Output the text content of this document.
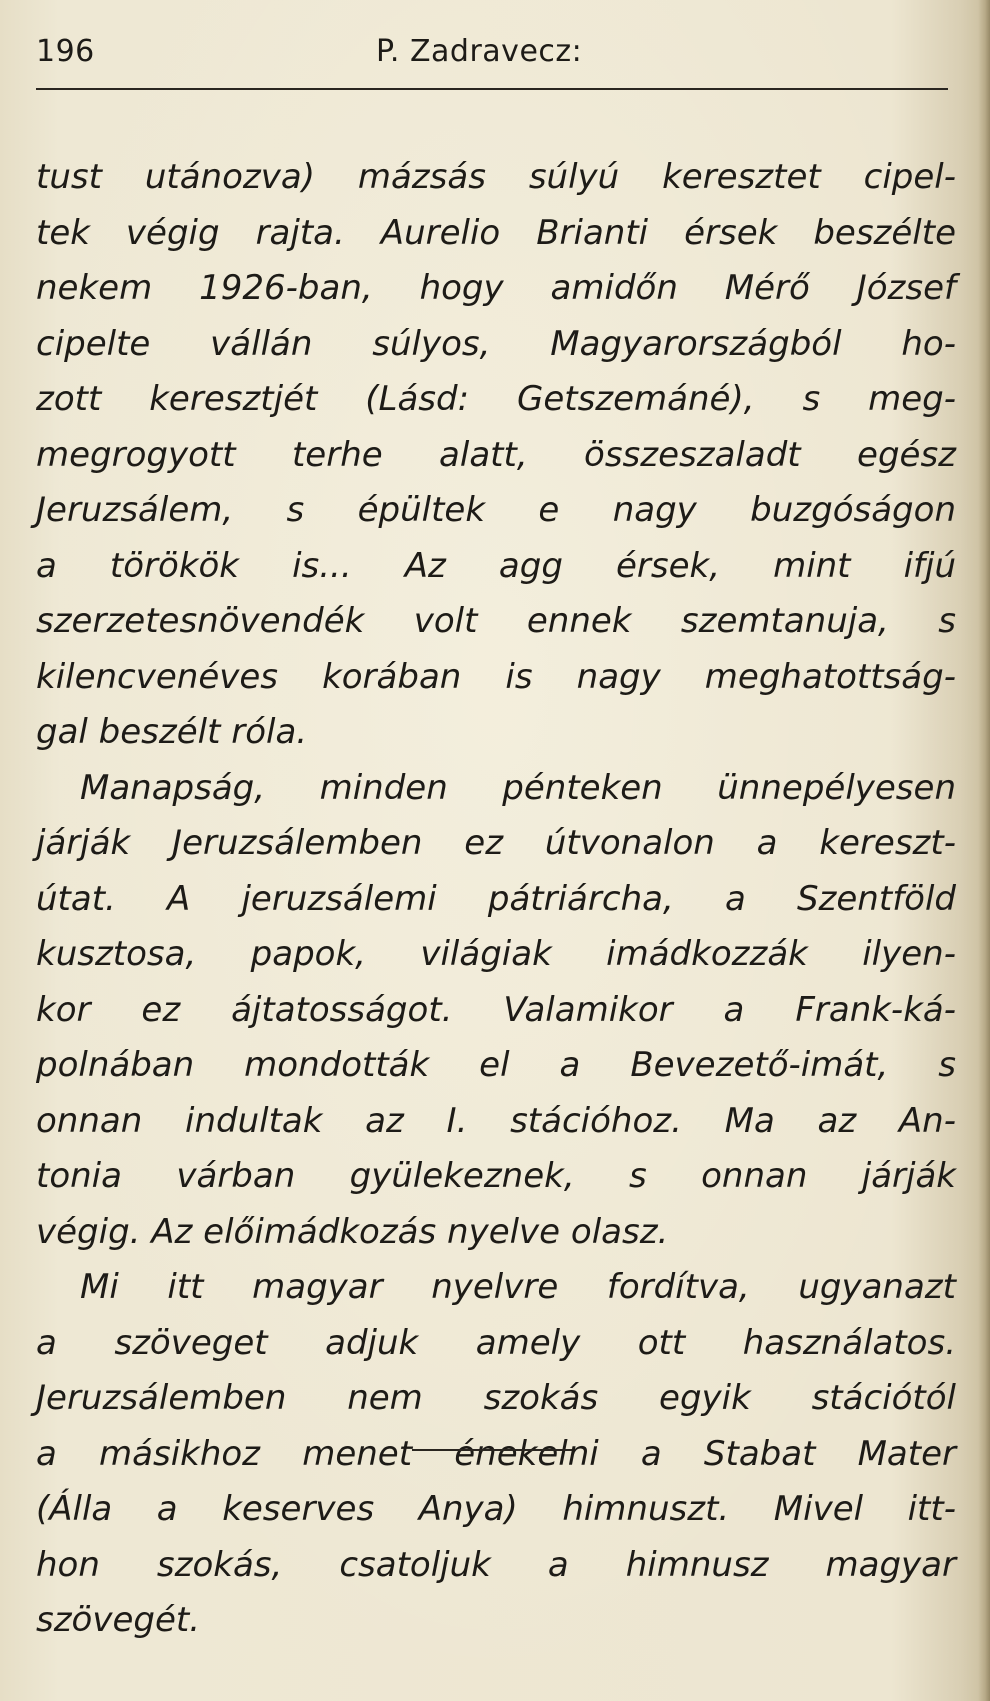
196	P. Zadravecz:
tust utánozva) mázsás súlyú keresztet cipel-
tek végig rajta. Aurelio Brianti érsek beszélte
nekem 1926-ban, hogy amidőn Mérő József
cipelte vállán súlyos, Magyarországból ho-
zott keresztjét (Lásd: Getszemáné), s meg-
megrogyott terhe alatt, összeszaladt egész
Jeruzsálem, s épültek e nagy buzgóságon
a törökök is... Az agg érsek, mint ifjú
szerzetesnövendék volt ennek szemtanuja, s
kilencvenéves korában is nagy meghatottság-
gal beszélt róla.
Manapság, minden pénteken ünnepélyesen
járják Jeruzsálemben ez útvonalon a kereszt-
útat. A jeruzsálemi pátriárcha, a Szentföld
kusztosa, papok, világiak imádkozzák ilyen-
kor ez ájtatosságot. Valamikor a Frank-ká-
polnában mondották el a Bevezető-imát, s
onnan indultak az I. stációhoz. Ma az An-
tonia várban gyülekeznek, s onnan járják
végig. Az előimádkozás nyelve olasz.
Mi itt magyar nyelvre fordítva, ugyanazt
a szöveget adjuk amely ott használatos.
Jeruzsálemben nem szokás egyik stációtól
a másikhoz menet énekelni a Stabat Mater
(Álla a keserves Anya) himnuszt. Mivel itt-
hon szokás, csatoljuk a himnusz magyar
szövegét.
